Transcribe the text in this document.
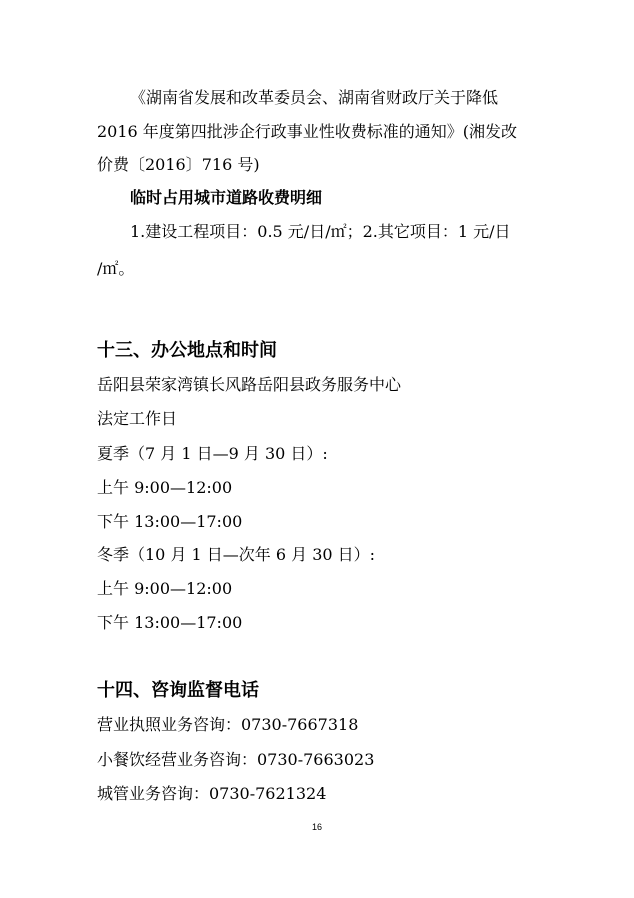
《湖南省发展和改革委员会、湖南省财政厅关于降低
2016 年度第四批涉企行政事业性收费标准的通知》(湘发改
价费〔2016〕716 号)
临时占用城市道路收费明细
1.建设工程项目：0.5 元/日/㎡；2.其它项目：1 元/日
/㎡。
十三、办公地点和时间
岳阳县荣家湾镇长风路岳阳县政务服务中心
法定工作日
夏季（7 月 1 日—9 月 30 日）:
上午 9:00—12:00
下午 13:00—17:00
冬季（10 月 1 日—次年 6 月 30 日）:
上午 9:00—12:00
下午 13:00—17:00
十四、咨询监督电话
营业执照业务咨询：0730-7667318
小餐饮经营业务咨询：0730-7663023
城管业务咨询：0730-7621324
16
